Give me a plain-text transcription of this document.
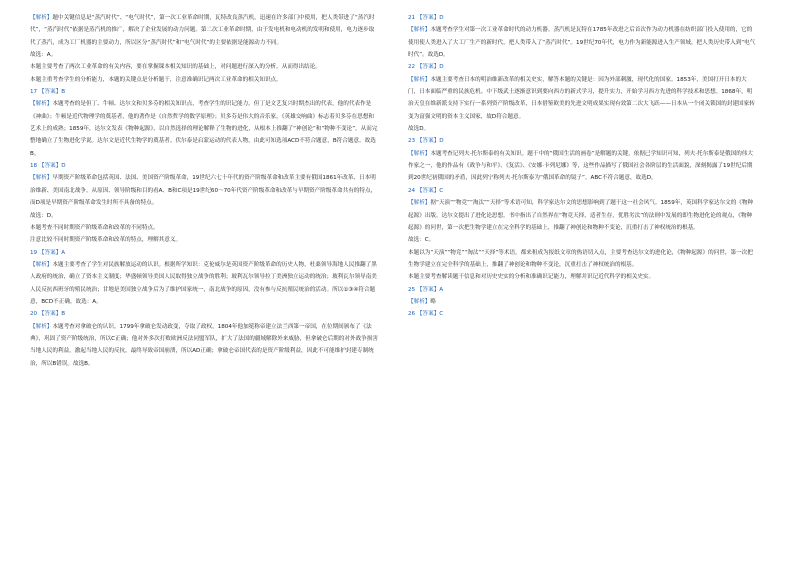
【解析】题中关键信息是“蒸汽时代”、“电气时代”，第一次工业革命时期，瓦特改良蒸汽机，迅速在许多部门中使用，把人类带进了“蒸汽时代”，“蒸汽时代”依据是蒸汽机的推广，解决了企业发展的动力问题。第二次工业革命时期，由于发电机和电动机的发明和使用，电力逐步取代了蒸汽，成为工厂机器的主要动力，所以区分“蒸汽时代”和“电气时代”的主要依据是能源动力不同。

故选：A。

本题主要考查了两次工业革命的有关内容，要在掌握课本相关知识的基础上，对问题进行深入的分析，从而得出结论。

本题主重考查学生的分析能力，本题的关键点是分析题干，注意准确识记两次工业革命的相关知识点。

17 【答案】B

【解析】本题考查的是但丁、牛顿、达尔文和贝多芬的相关知识点，考查学生的识记能力。但丁是文艺复兴时期杰出的代表，他的代表作是《神曲》；牛顿是近代物理学的奠基者，他的著作是《自然哲学的数学原理》；贝多芬是伟大的音乐家，《英雄交响曲》标志着贝多芬在思想和艺术上的成熟；1859年，达尔文发表《物种起源》，以自然选择的理论解释了生物的进化，从根本上推翻了“神创论”和“物种不变论”，从而完整地确立了生物进化学说。达尔文是近代生物学的奠基者。伏尔泰是启蒙运动的代表人物，由此可知选项ACD不符合题意，B符合题意。故选B。

18 【答案】D

【解析】早期资产阶级革命包括英国、法国、美国资产阶级革命，19世纪六七十年代的资产阶级革命和改革主要有俄国1861年改革、日本明治维新、美国南北战争。从原因、领导阶级和目的看A、B和C项是19世纪60～70年代资产阶级革命和改革与早期资产阶级革命共有的特点，而D项是早期资产阶级革命发生时所不具备的特点。

故选：D。

本题考查不同时期资产阶级革命和改革的不同特点。

注意比较不同时期资产阶级革命和改革的特点，理解其意义。

19 【答案】A

【解析】本题主要考查了学生对民族解放运动的认识。根据所学知识：克伦威尔是英国资产阶级革命的历史人物，杜桑领导海地人民推翻了黑人政府的统治，确立了资本主义制度；华盛顿领导美国人民取得独立战争的胜利；玻利瓦尔领导拉丁美洲独立运动的统治；玻利瓦尔领导南美人民反抗西班牙的殖民统治；甘地是美国独立战争后为了维护国家统一，南北战争的原因，没有参与反抗殖民统治的活动。所以①③④符合题意，BCD不正确。故选：A。

20 【答案】B

【解析】本题考查对拿破仑的认识。1799年拿破仑发动政变，夺取了政权，1804年他加冕称帝建立法兰西第一帝国，在位期间颁布了《法典》，巩固了资产阶级统治，所以C正确；他对外多次打败欧洲反法同盟军队，扩大了法国的疆域解除外来威胁，但拿破仑后期的对外战争损害当地人民的利益，激起当地人民的反抗，最终导致帝国崩溃，所以AD正确；拿破仑帝国代表的是资产阶级利益，因此不可能维护封建专制统治，所以B错误。故选B。

21 【答案】D

【解析】本题考查学生对第一次工业革命时代的动力机器。蒸汽机是瓦特在1785年改进之后首次作为动力机器在纺织部门投入使用的，它的使用使人类进入了大工厂生产的新时代，把人类带入了“蒸汽时代”。19世纪70年代，电力作为新能源进入生产领域，把人类历史带入到“电气时代”。故选D。

22 【答案】D

【解析】本题主要考查日本的明治维新改革的相关史实，解答本题的关键是：因为外部刺激，现代化的国家。1853年，美国打开日本的大门，日本面临严重的民族危机。中下级武士逐渐意识到要向西方的新式学习，提升实力，开始学习西方先进的科学技术和思想。1868年，明治天皇在维新派支持下实行一系列资产阶级改革，日本借鉴欧美的先进文明成果实现有效第二次大飞跃——日本从一个闭关锁国的封建国家转变为富强文明的资本主义国家，故D符合题意。

故选D。

23 【答案】D

【解析】本题考查记列夫·托尔斯泰的有关知识。题干中的“俄国生活的画卷”是解题的关键，依据已学知识可知，列夫·托尔斯泰是俄国的伟大作家之一，他的作品有《战争与和平》、《复活》、《安娜·卡列尼娜》等，这些作品描写了俄国社会各阶层的生活面貌，深刻揭露了19世纪后期到20世纪初俄国的矛盾，因此列宁称列夫·托尔斯泰为“俄国革命的镜子”。ABC不符合题意，故选D。

24 【答案】C

【解析】据“天演”“物竞”“淘汰”“天择”等术语可知，科学家达尔文的思想影响到了题干这一社会风气。1859年，英国科学家达尔文的《物种起源》出版。达尔文提出了进化论思想。书中指出了自然界在“物竞天择，适者生存，优胜劣汰”的法则中发展的即生物进化论的观点，《物种起源》的问世，第一次把生物学建立在完全科学的基础上，推翻了神创论和物种不变论，沉重打击了神权统治的根基。

故选：C。

本题以为“天演”“物竞”“淘汰”“天择”等术语，都来租成为报纸文章的热语切入点，主要考查达尔文的进化论，《物种起源》的问世，第一次把生物学建立在完全科学的基础上，推翻了神创论和物种不变论，沉重打击了神权统治的根基。

本题主要考查解读题干信息和对历史史实的分析和准确识记能力，理解并识记近代科学的相关史实。

25 【答案】A

【解析】略

26 【答案】C
